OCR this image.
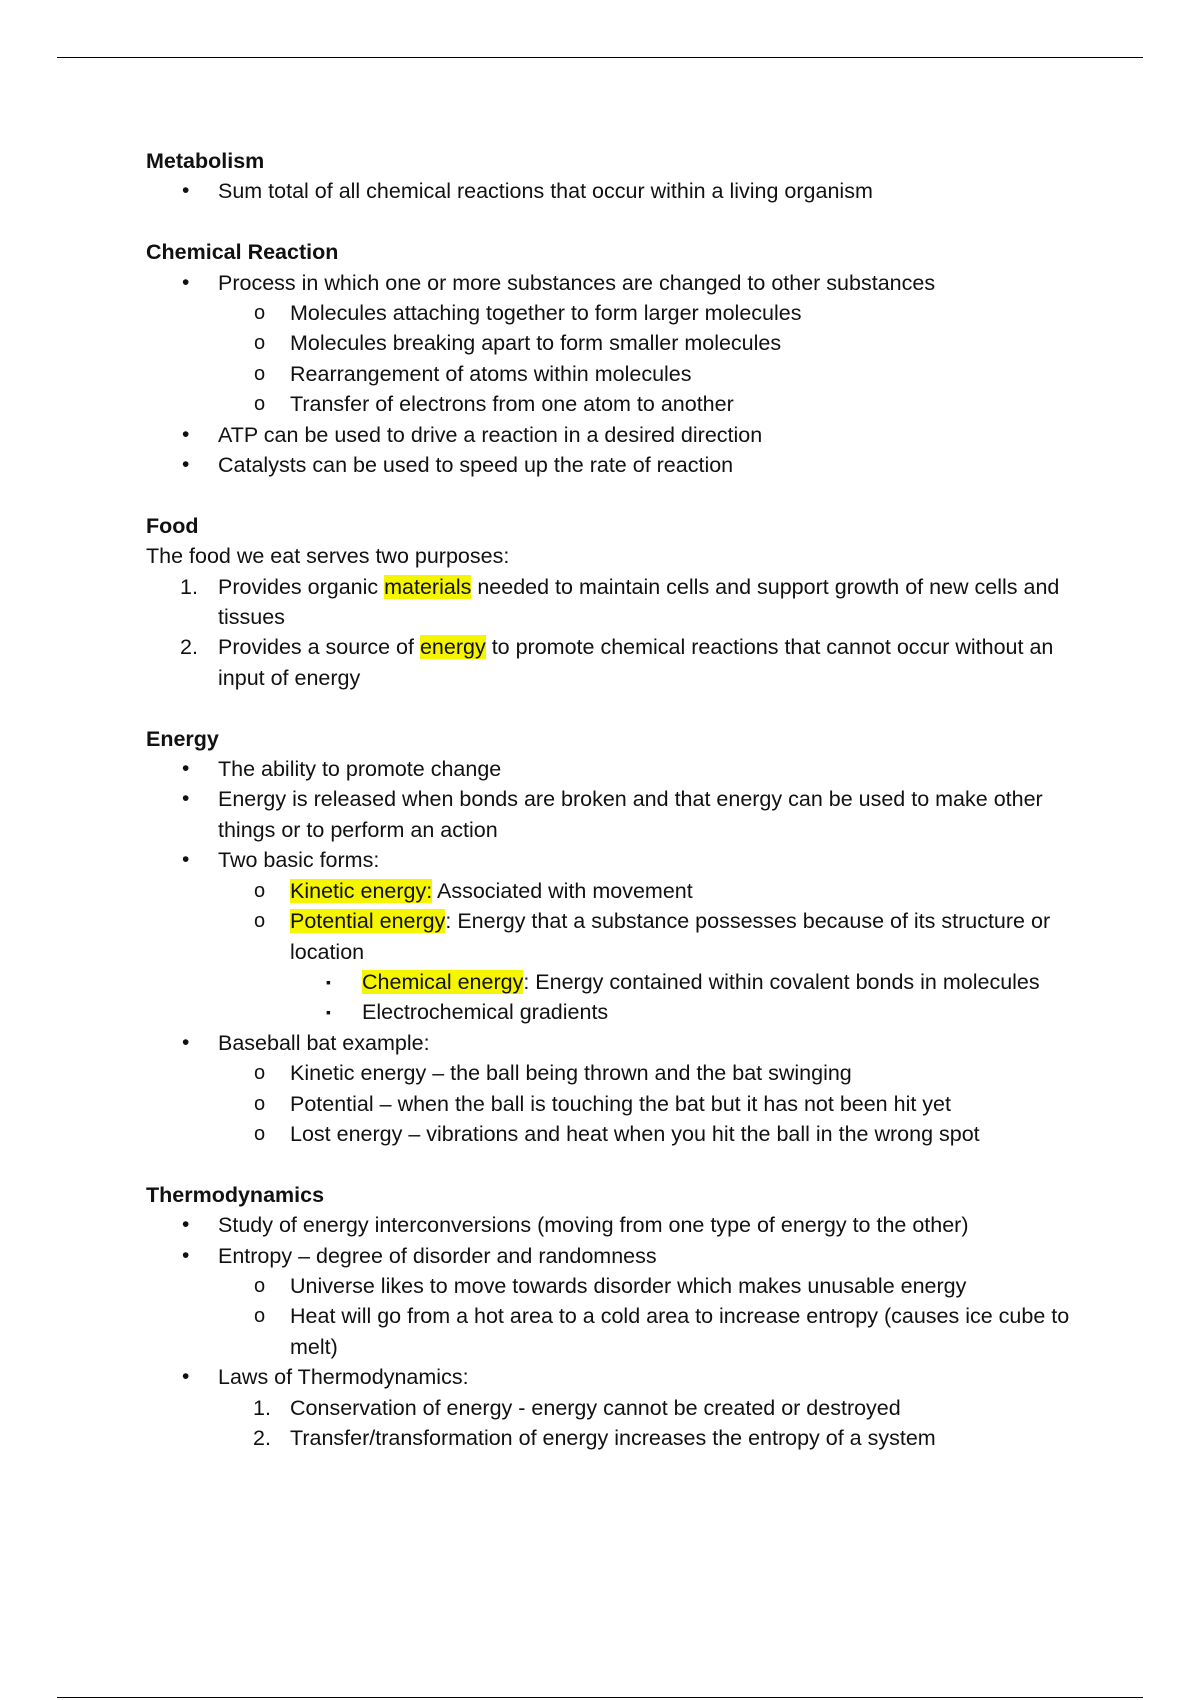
Metabolism
•	Sum total of all chemical reactions that occur within a living organism
Chemical Reaction
•	Process in which one or more substances are changed to other substances
o	Molecules attaching together to form larger molecules
o	Molecules breaking apart to form smaller molecules
o	Rearrangement of atoms within molecules
o	Transfer of electrons from one atom to another
•	ATP can be used to drive a reaction in a desired direction
•	Catalysts can be used to speed up the rate of reaction
Food
The food we eat serves two purposes:
1. Provides organic materials needed to maintain cells and support growth of new cells and
tissues
2. Provides a source of energy to promote chemical reactions that cannot occur without an
input of energy
Energy
•	The ability to promote change
•	Energy is released when bonds are broken and that energy can be used to make other
things or to perform an action
•	Two basic forms:
o	Kinetic energy: Associated with movement
o	Potential energy: Energy that a substance possesses because of its structure or
location
▪	Chemical energy: Energy contained within covalent bonds in molecules
▪	Electrochemical gradients
•	Baseball bat example:
o	Kinetic energy – the ball being thrown and the bat swinging
o	Potential – when the ball is touching the bat but it has not been hit yet
o	Lost energy – vibrations and heat when you hit the ball in the wrong spot
Thermodynamics
•	Study of energy interconversions (moving from one type of energy to the other)
•	Entropy – degree of disorder and randomness
o	Universe likes to move towards disorder which makes unusable energy
o	Heat will go from a hot area to a cold area to increase entropy (causes ice cube to
melt)
•	Laws of Thermodynamics:
1. Conservation of energy - energy cannot be created or destroyed
2. Transfer/transformation of energy increases the entropy of a system
